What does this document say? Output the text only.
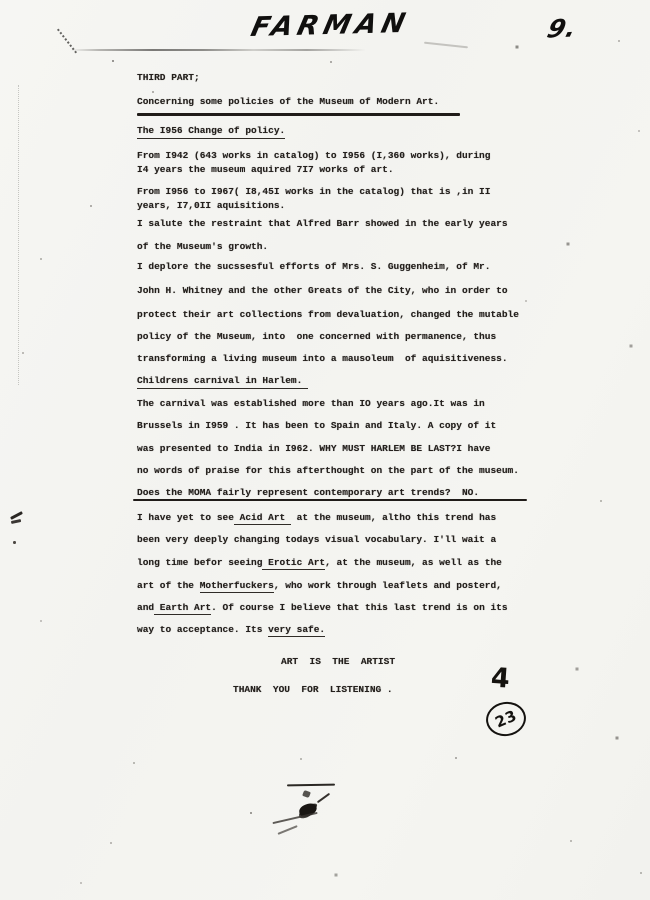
FARMAN	9.
THIRD PART;
Concerning some policies of the Museum of Modern Art.
The I956 Change of policy.
From I942 (643 works in catalog) to I956 (I,360 works), during
I4 years the museum aquired 7I7 works of art.
From I956 to I967( I8,45I works in the catalog) that is ,in II
years, I7,0II aquisitions.
I salute the restraint that Alfred Barr showed in the early years
of the Museum's growth.
I deplore the sucssesful efforts of Mrs. S. Guggenheim, of Mr.
John H. Whitney and the other Greats of the City, who in order to
protect their art collections from devaluation, changed the mutable
policy of the Museum, into  one concerned with permanence, thus
transforming a living museum into a mausoleum  of aquisitiveness.
Childrens carnival in Harlem.
The carnival was established more than IO years ago.It was in
Brussels in I959 . It has been to Spain and Italy. A copy of it
was presented to India in I962. WHY MUST HARLEM BE LAST?I have
no words of praise for this afterthought on the part of the museum.
Does the MOMA fairly represent contemporary art trends?  NO.
I have yet to see Acid Art  at the museum, altho this trend has
been very deeply changing todays visual vocabulary. I'll wait a
long time befor seeing Erotic Art, at the museum, as well as the
art of the Motherfuckers, who work through leaflets and posterd,
and Earth Art. Of course I believe that this last trend is on its
way to acceptance. Its very safe.
ART  IS  THE  ARTIST
THANK  YOU  FOR  LISTENING .	4
23
